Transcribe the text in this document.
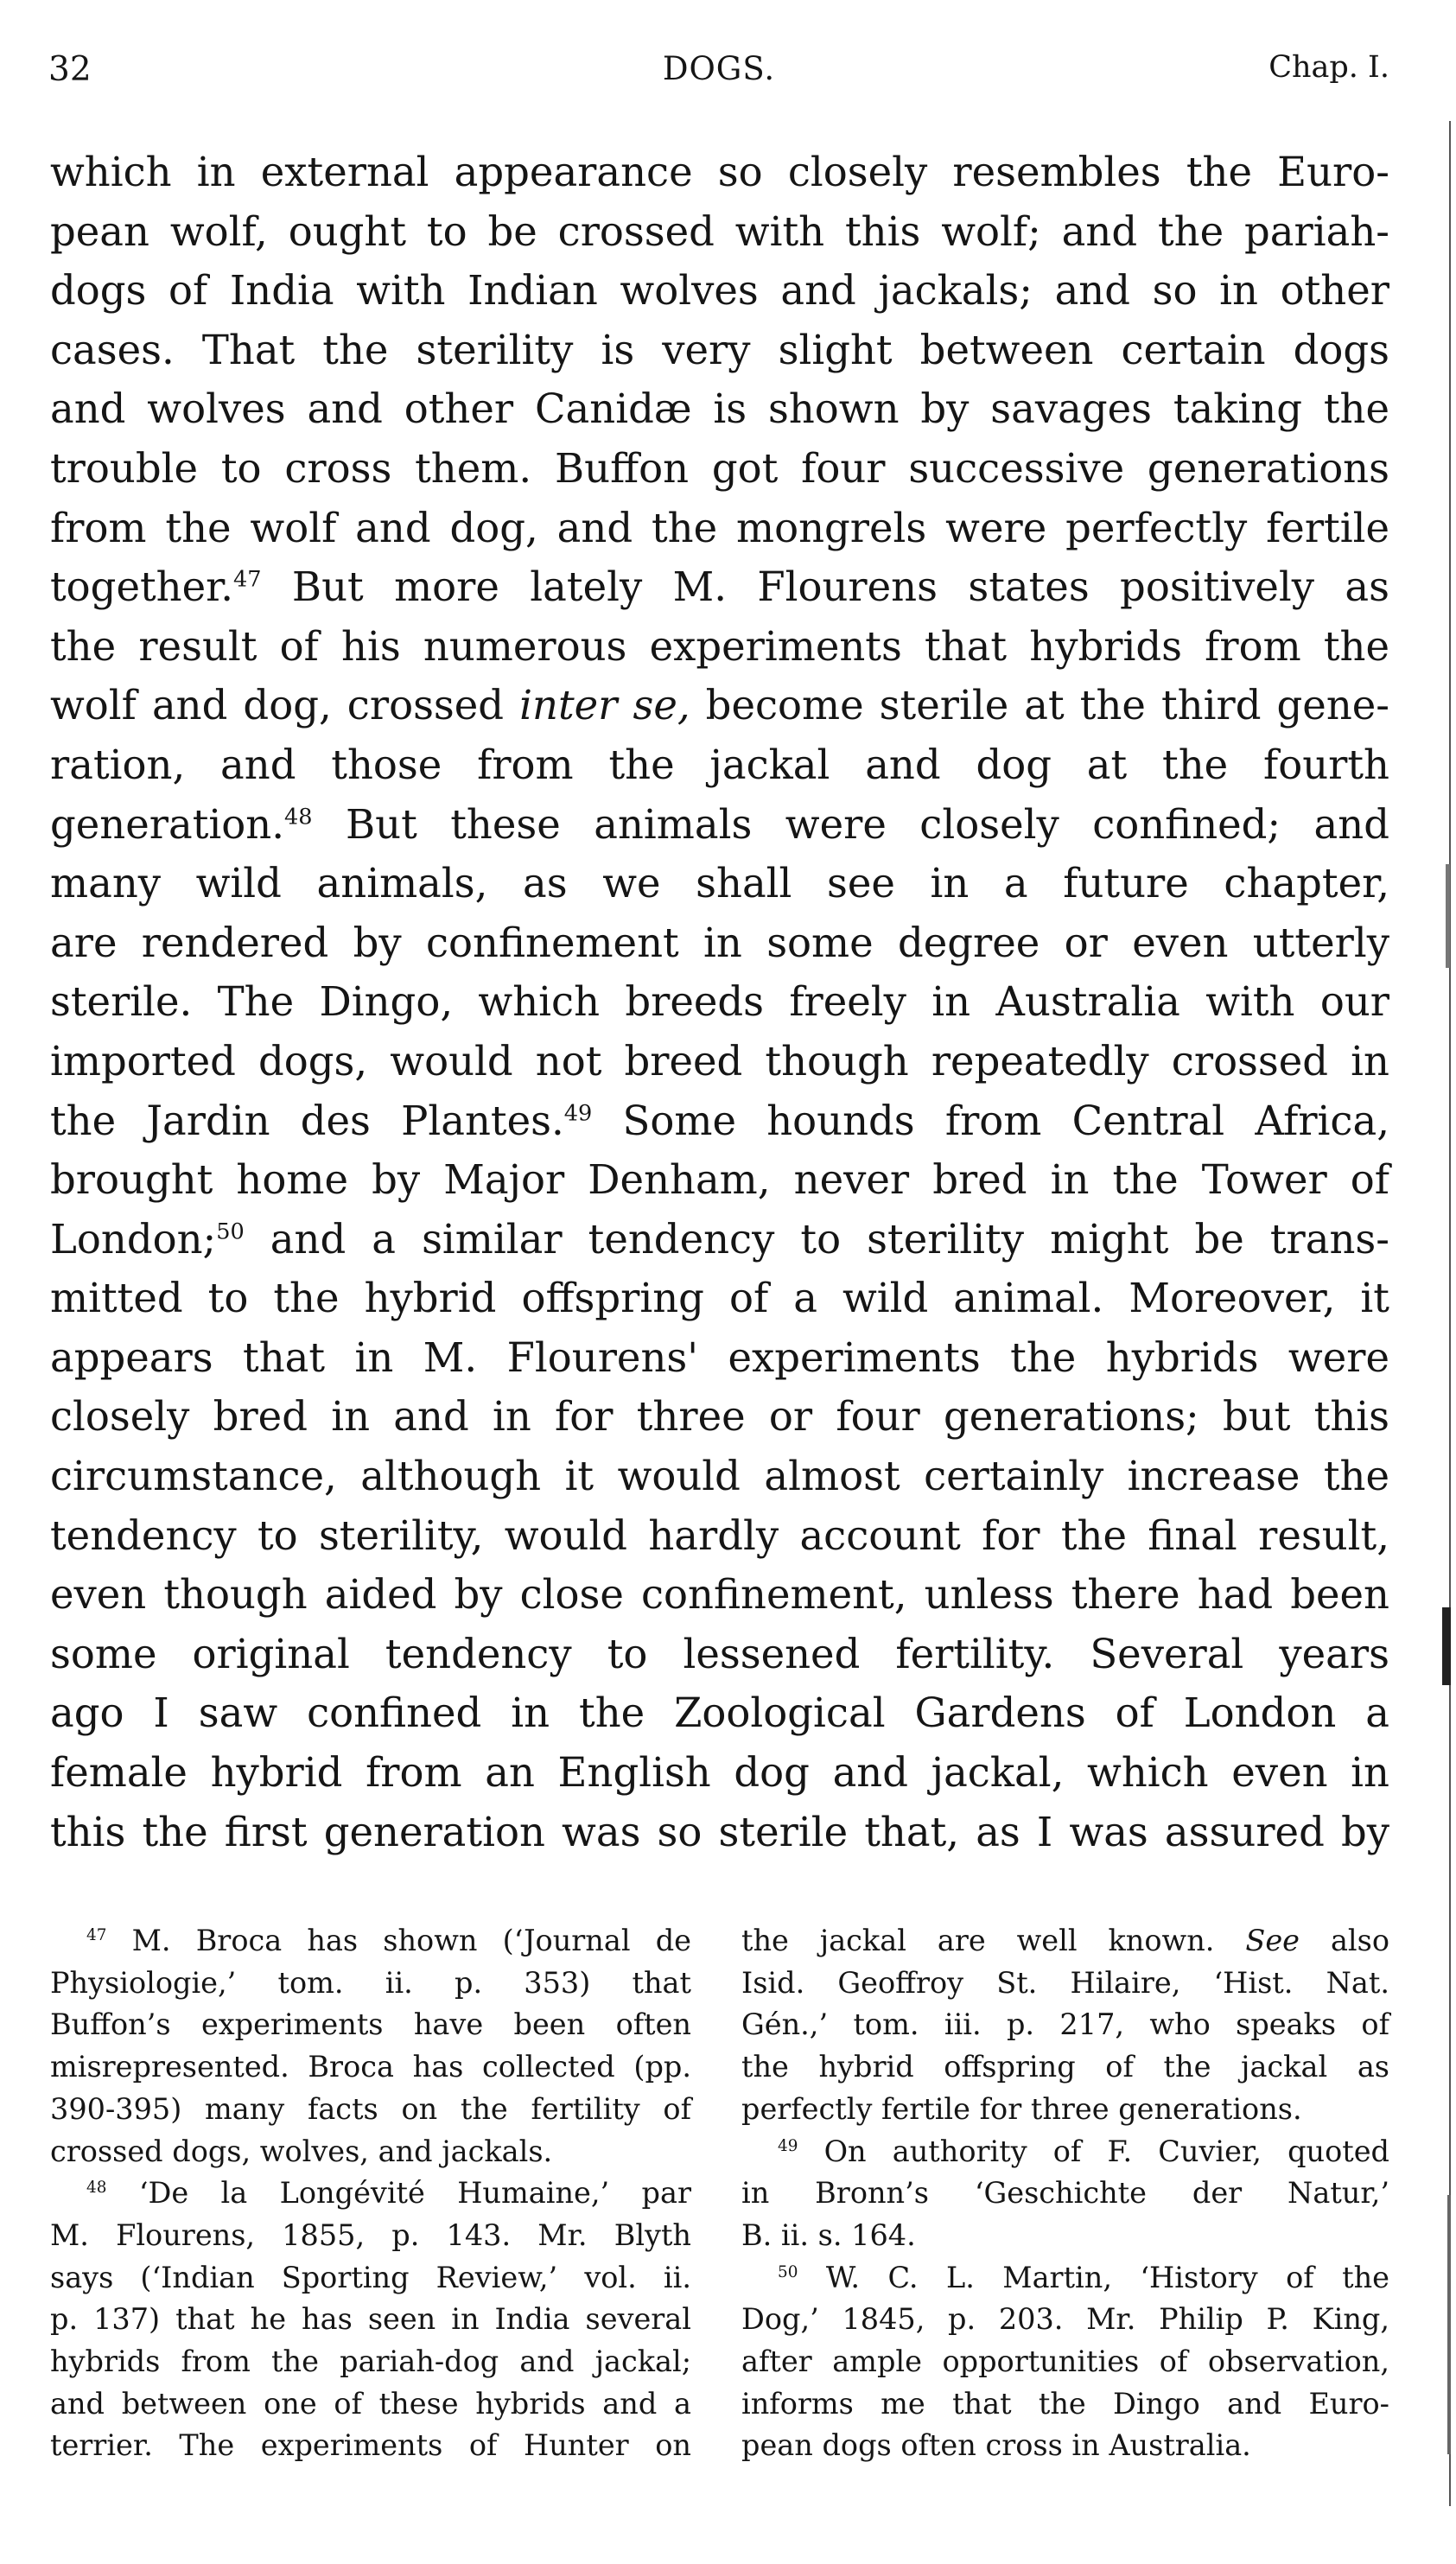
32	DOGS.	Chap. I.
which in external appearance so closely resembles the Euro-
pean wolf, ought to be crossed with this wolf; and the pariah-
dogs of India with Indian wolves and jackals; and so in other
cases. That the sterility is very slight between certain dogs
and wolves and other Canidæ is shown by savages taking the
trouble to cross them. Buffon got four successive generations
from the wolf and dog, and the mongrels were perfectly fertile
together.$^{47}$ But more lately M. Flourens states positively as
the result of his numerous experiments that hybrids from the
wolf and dog, crossed inter se, become sterile at the third gene-
ration, and those from the jackal and dog at the fourth
generation.$^{48}$ But these animals were closely confined; and
many wild animals, as we shall see in a future chapter,
are rendered by confinement in some degree or even utterly
sterile. The Dingo, which breeds freely in Australia with our
imported dogs, would not breed though repeatedly crossed in
the Jardin des Plantes.$^{49}$ Some hounds from Central Africa,
brought home by Major Denham, never bred in the Tower of
London;$^{50}$ and a similar tendency to sterility might be trans-
mitted to the hybrid offspring of a wild animal. Moreover, it
appears that in M. Flourens' experiments the hybrids were
closely bred in and in for three or four generations; but this
circumstance, although it would almost certainly increase the
tendency to sterility, would hardly account for the final result,
even though aided by close confinement, unless there had been
some original tendency to lessened fertility. Several years
ago I saw confined in the Zoological Gardens of London a
female hybrid from an English dog and jackal, which even in
this the first generation was so sterile that, as I was assured by
$^{47}$ M. Broca has shown (‘Journal de
Physiologie,’ tom. ii. p. 353) that
Buffon’s experiments have been often
misrepresented. Broca has collected (pp.
390-395) many facts on the fertility of
crossed dogs, wolves, and jackals.
$^{48}$ ‘De la Longévité Humaine,’ par
M. Flourens, 1855, p. 143. Mr. Blyth
says (‘Indian Sporting Review,’ vol. ii.
p. 137) that he has seen in India several
hybrids from the pariah-dog and jackal;
and between one of these hybrids and a
terrier. The experiments of Hunter on
the jackal are well known. See also
Isid. Geoffroy St. Hilaire, ‘Hist. Nat.
Gén.,’ tom. iii. p. 217, who speaks of
the hybrid offspring of the jackal as
perfectly fertile for three generations.
$^{49}$ On authority of F. Cuvier, quoted
in Bronn’s ‘Geschichte der Natur,’
B. ii. s. 164.
$^{50}$ W. C. L. Martin, ‘History of the
Dog,’ 1845, p. 203. Mr. Philip P. King,
after ample opportunities of observation,
informs me that the Dingo and Euro-
pean dogs often cross in Australia.
